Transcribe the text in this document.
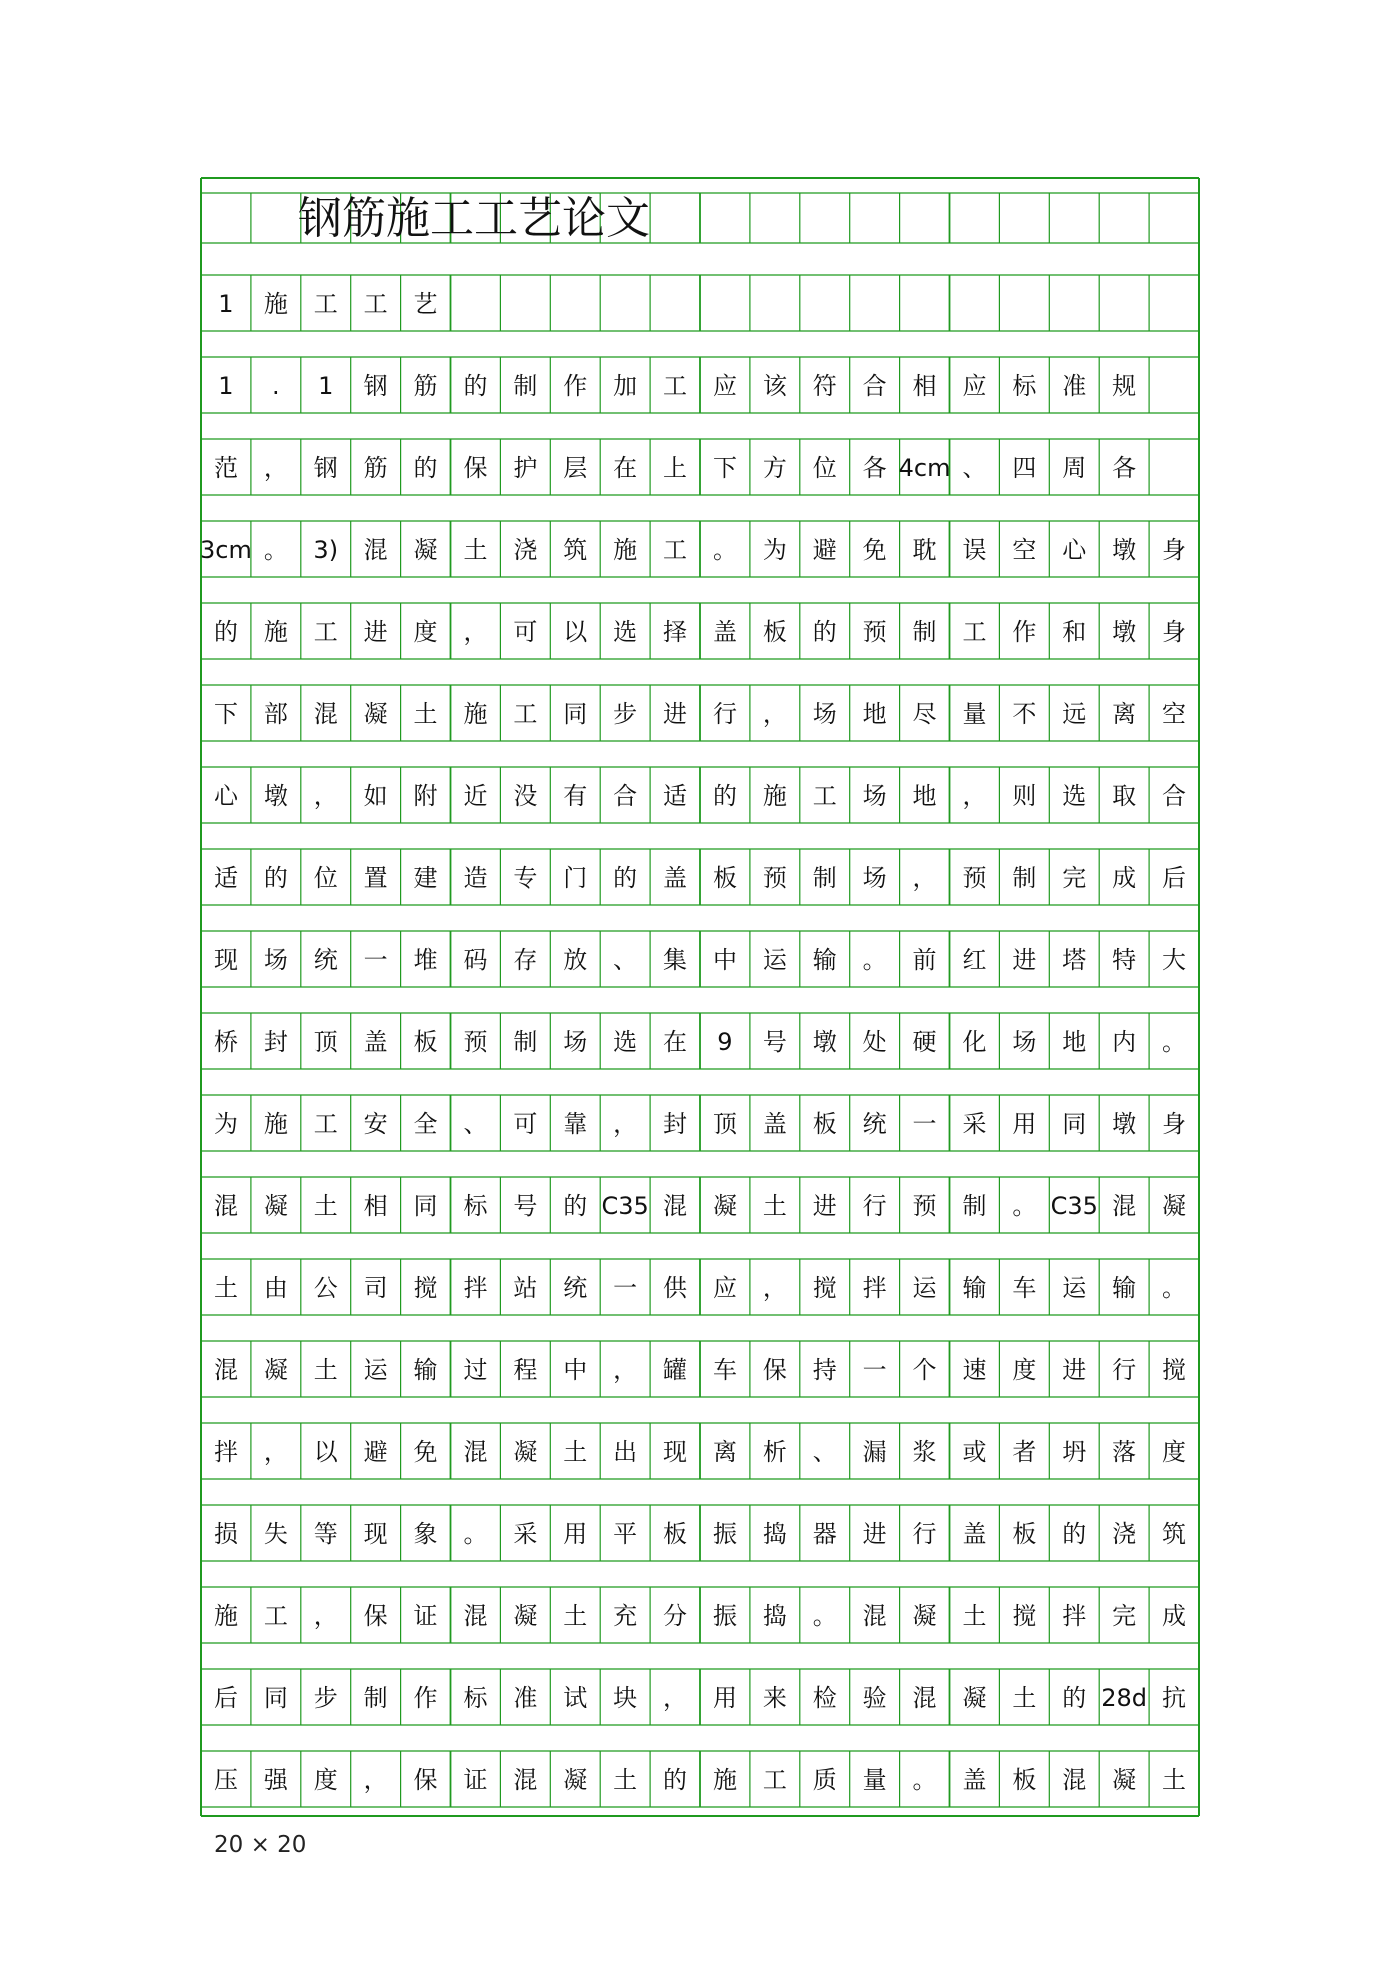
钢筋施工工艺论文
1 施 工 工 艺
1 . 1 钢 筋 的 制 作 加 工 应 该 符 合 相 应 标 准 规
范 ， 钢 筋 的 保 护 层 在 上 下 方 位 各 4cm 、 四 周 各
3cm 。 3) 混 凝 土 浇 筑 施 工 。 为 避 免 耽 误 空 心 墩 身
的 施 工 进 度 ， 可 以 选 择 盖 板 的 预 制 工 作 和 墩 身
下 部 混 凝 土 施 工 同 步 进 行 ， 场 地 尽 量 不 远 离 空
心 墩 ， 如 附 近 没 有 合 适 的 施 工 场 地 ， 则 选 取 合
适 的 位 置 建 造 专 门 的 盖 板 预 制 场 ， 预 制 完 成 后
现 场 统 一 堆 码 存 放 、 集 中 运 输 。 前 红 进 塔 特 大
桥 封 顶 盖 板 预 制 场 选 在 9 号 墩 处 硬 化 场 地 内 。
为 施 工 安 全 、 可 靠 ， 封 顶 盖 板 统 一 采 用 同 墩 身
混 凝 土 相 同 标 号 的 C35 混 凝 土 进 行 预 制 。 C35 混 凝
土 由 公 司 搅 拌 站 统 一 供 应 ， 搅 拌 运 输 车 运 输 。
混 凝 土 运 输 过 程 中 ， 罐 车 保 持 一 个 速 度 进 行 搅
拌 ， 以 避 免 混 凝 土 出 现 离 析 、 漏 浆 或 者 坍 落 度
损 失 等 现 象 。 采 用 平 板 振 捣 器 进 行 盖 板 的 浇 筑
施 工 ， 保 证 混 凝 土 充 分 振 捣 。 混 凝 土 搅 拌 完 成
后 同 步 制 作 标 准 试 块 ， 用 来 检 验 混 凝 土 的 28d 抗
压 强 度 ， 保 证 混 凝 土 的 施 工 质 量 。 盖 板 混 凝 土
20 × 20
